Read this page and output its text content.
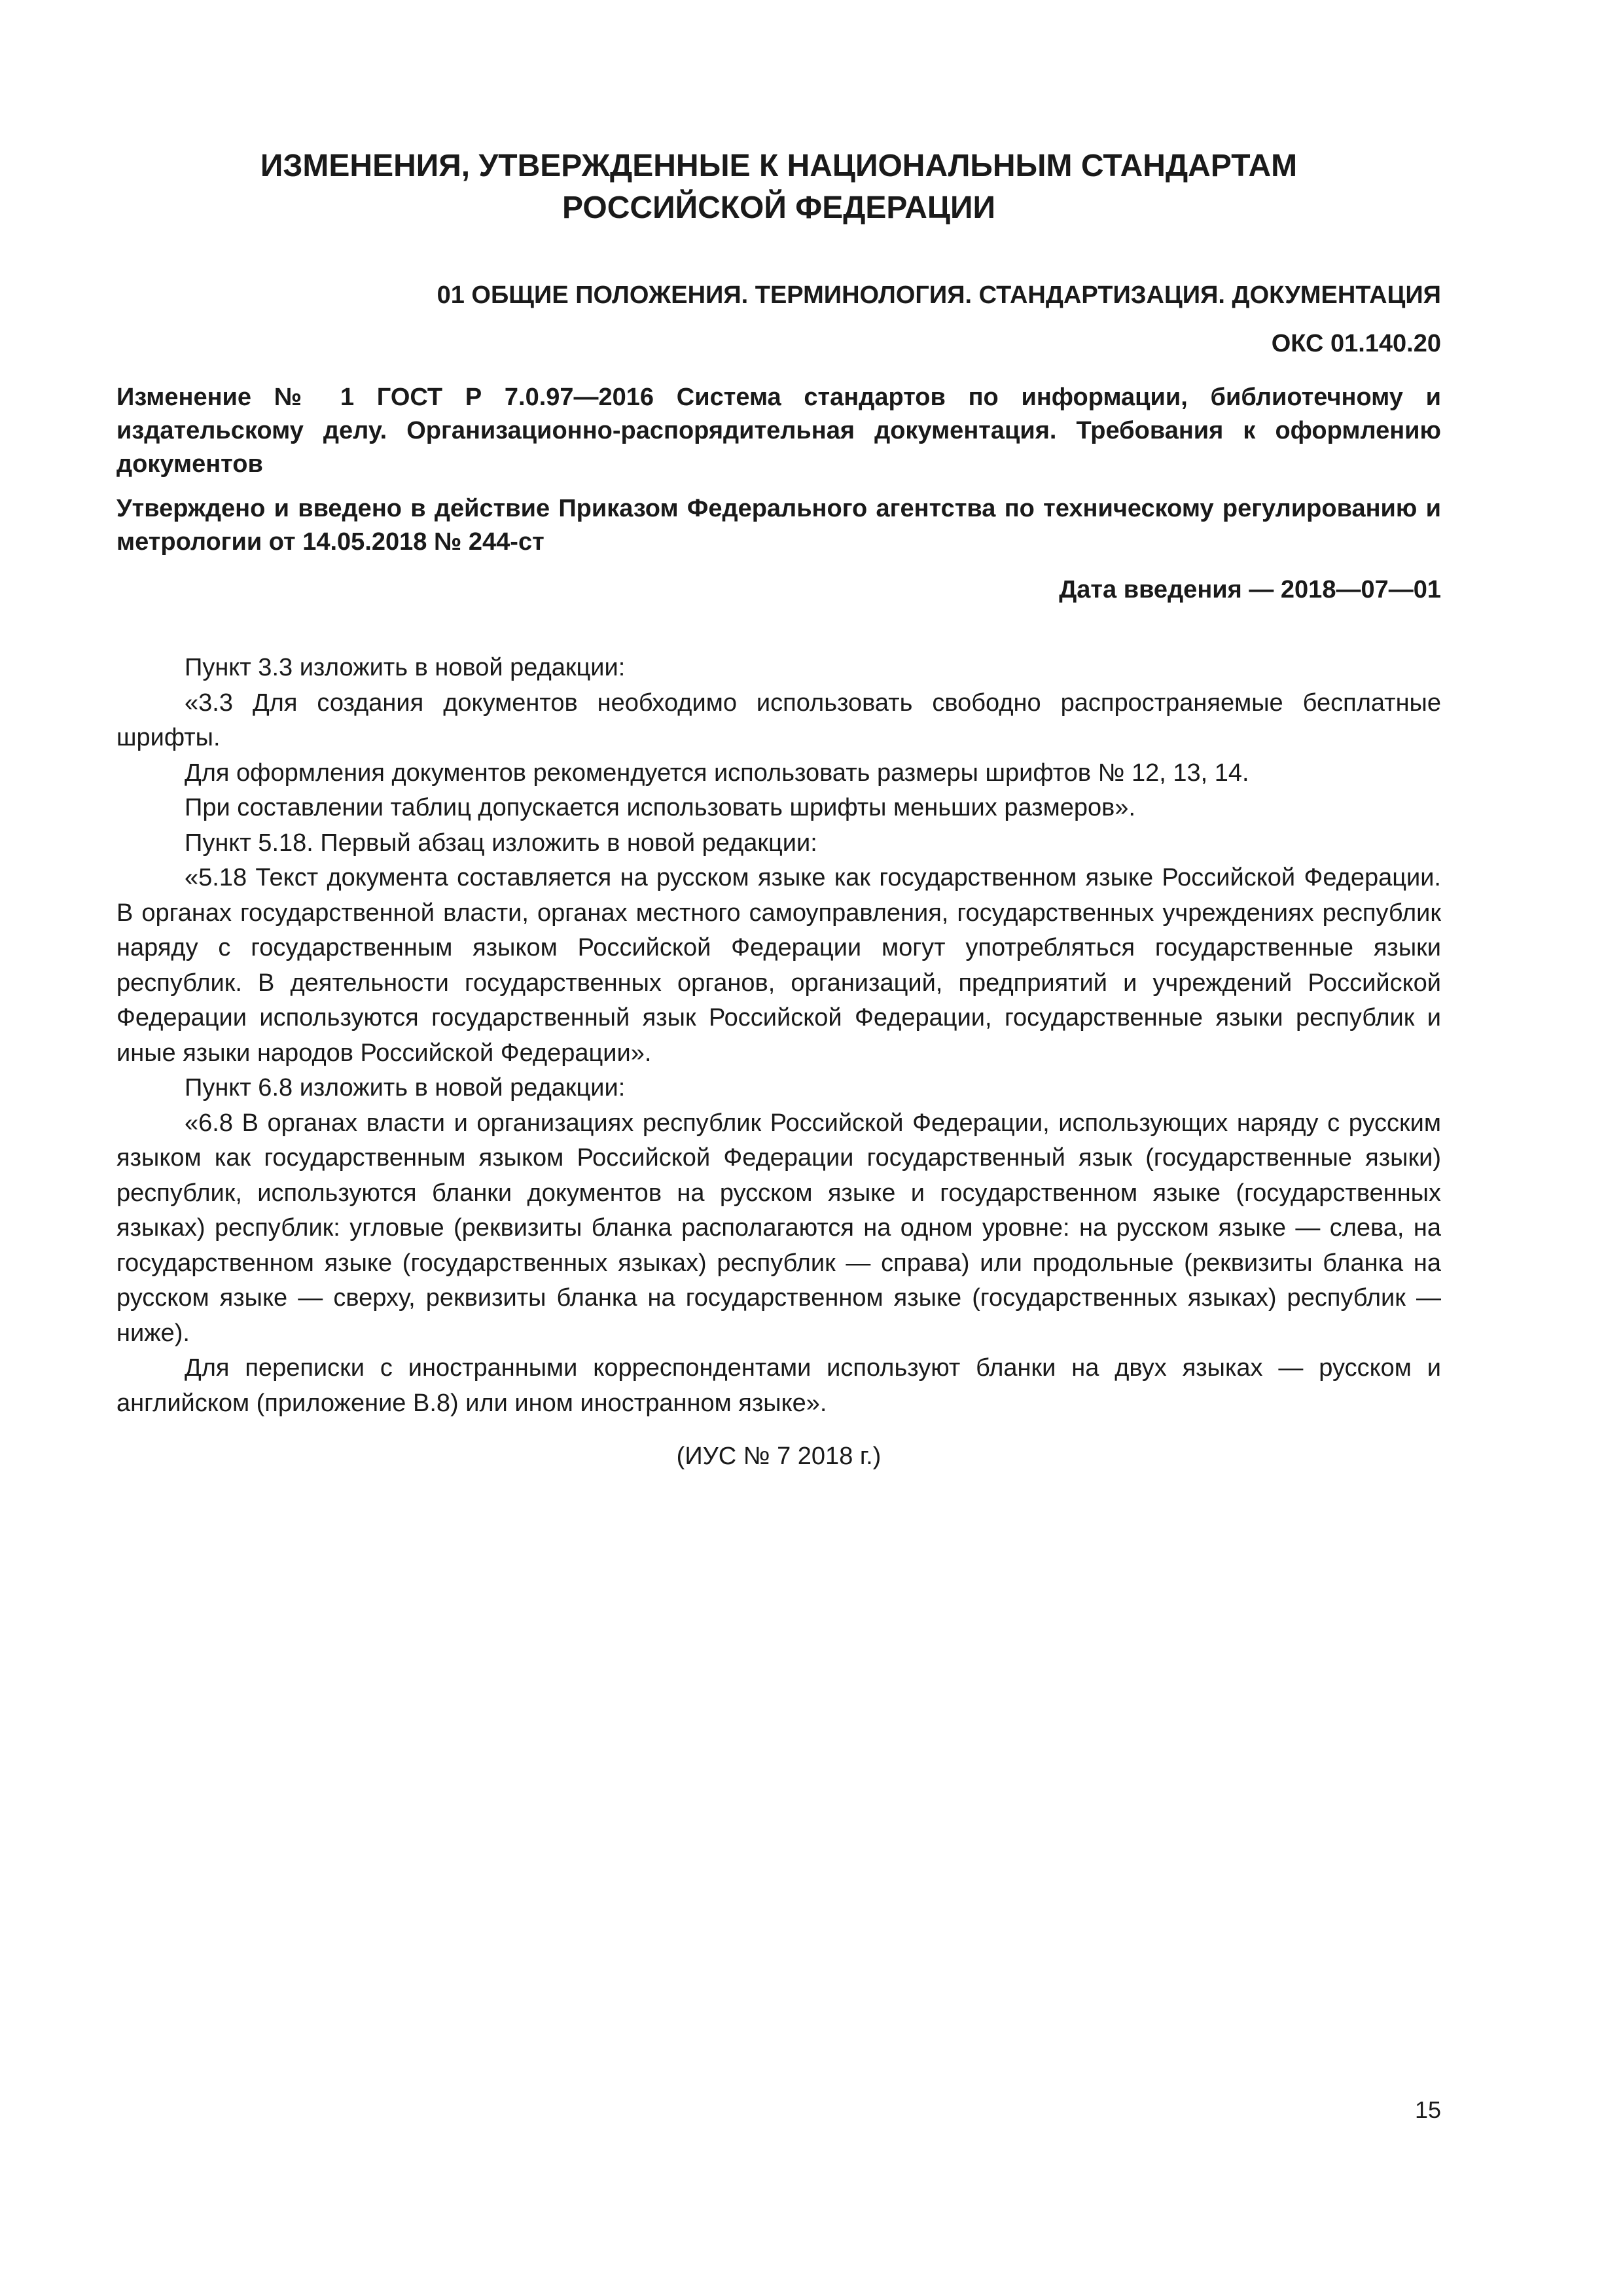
ИЗМЕНЕНИЯ, УТВЕРЖДЕННЫЕ К НАЦИОНАЛЬНЫМ СТАНДАРТАМ
РОССИЙСКОЙ ФЕДЕРАЦИИ
01 ОБЩИЕ ПОЛОЖЕНИЯ. ТЕРМИНОЛОГИЯ. СТАНДАРТИЗАЦИЯ. ДОКУМЕНТАЦИЯ
ОКС 01.140.20

Изменение № 1 ГОСТ Р 7.0.97—2016 Система стандартов по информации, библиотечному и издательскому делу. Организационно-распорядительная документация. Требования к оформлению документов

Утверждено и введено в действие Приказом Федерального агентства по техническому регулированию и метрологии от 14.05.2018 № 244-ст

Дата введения — 2018—07—01

Пункт 3.3 изложить в новой редакции:

«3.3 Для создания документов необходимо использовать свободно распространяемые бесплатные шрифты.

Для оформления документов рекомендуется использовать размеры шрифтов № 12, 13, 14.

При составлении таблиц допускается использовать шрифты меньших размеров».

Пункт 5.18. Первый абзац изложить в новой редакции:

«5.18 Текст документа составляется на русском языке как государственном языке Российской Федерации. В органах государственной власти, органах местного самоуправления, государственных учреждениях республик наряду с государственным языком Российской Федерации могут употребляться государственные языки республик. В деятельности государственных органов, организаций, предприятий и учреждений Российской Федерации используются государственный язык Российской Федерации, государственные языки республик и иные языки народов Российской Федерации».

Пункт 6.8 изложить в новой редакции:

«6.8 В органах власти и организациях республик Российской Федерации, использующих наряду с русским языком как государственным языком Российской Федерации государственный язык (государственные языки) республик, используются бланки документов на русском языке и государственном языке (государственных языках) республик: угловые (реквизиты бланка располагаются на одном уровне: на русском языке — слева, на государственном языке (государственных языках) республик — справа) или продольные (реквизиты бланка на русском языке — сверху, реквизиты бланка на государственном языке (государственных языках) республик — ниже).

Для переписки с иностранными корреспондентами используют бланки на двух языках — русском и английском (приложение В.8) или ином иностранном языке».

(ИУС № 7 2018 г.)
15
